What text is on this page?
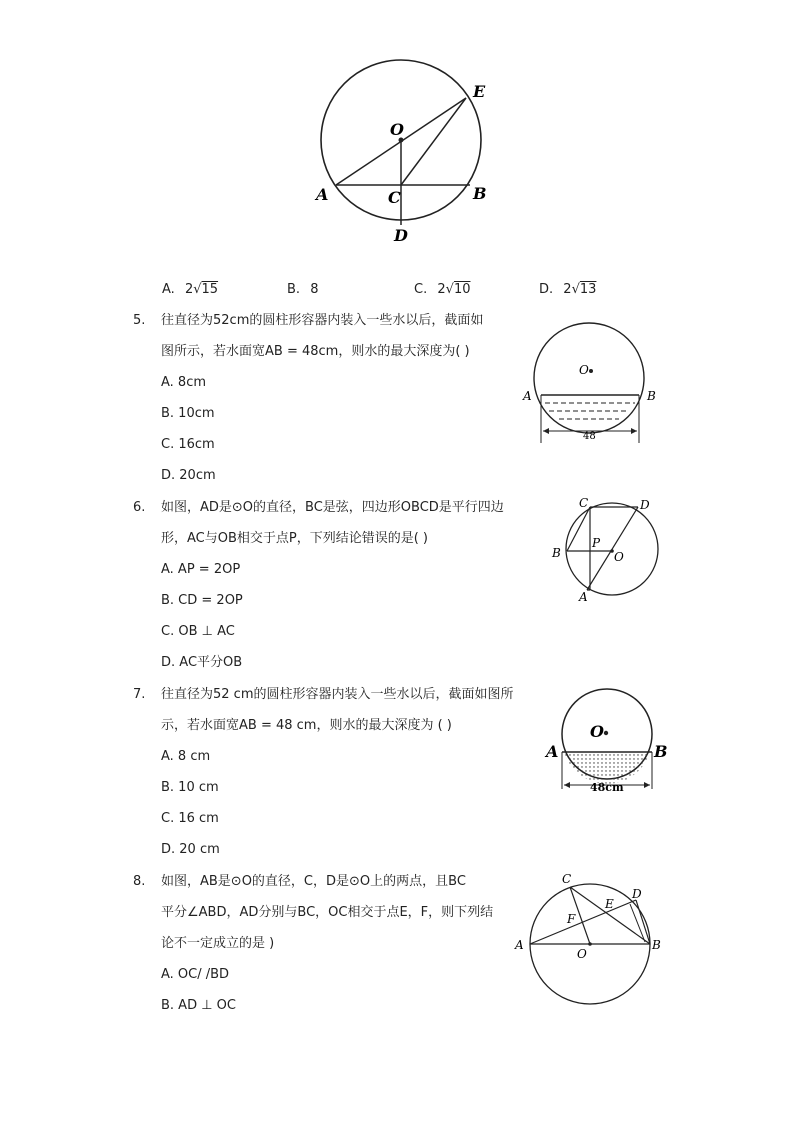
O
E
A	C	B
D
A. 2√15	B. 8	C. 2√10	D. 2√13
5. 往直径为52cm的圆柱形容器内装入一些水以后，截面如
图所示，若水面宽AB = 48cm，则水的最大深度为( )
A. 8cm
B. 10cm
C. 16cm
D. 20cm
O
A	B
48
6. 如图，AD是⊙O的直径，BC是弦，四边形OBCD是平行四边
形，AC与OB相交于点P，下列结论错误的是( )
A. AP = 2OP
B. CD = 2OP
C. OB ⊥ AC
D. AC平分OB
C	D
B
P
O
A
7. 往直径为52 cm的圆柱形容器内装入一些水以后，截面如图所
示，若水面宽AB = 48 cm，则水的最大深度为 ( )
A. 8 cm
B. 10 cm
C. 16 cm
D. 20 cm
O
A	B
48cm
8. 如图，AB是⊙O的直径，C，D是⊙O上的两点，且BC
平分∠ABD，AD分别与BC，OC相交于点E，F，则下列结
论不一定成立的是 )
A. OC/ /BD
B. AD ⊥ OC
C
D
E
F
A
O
B
